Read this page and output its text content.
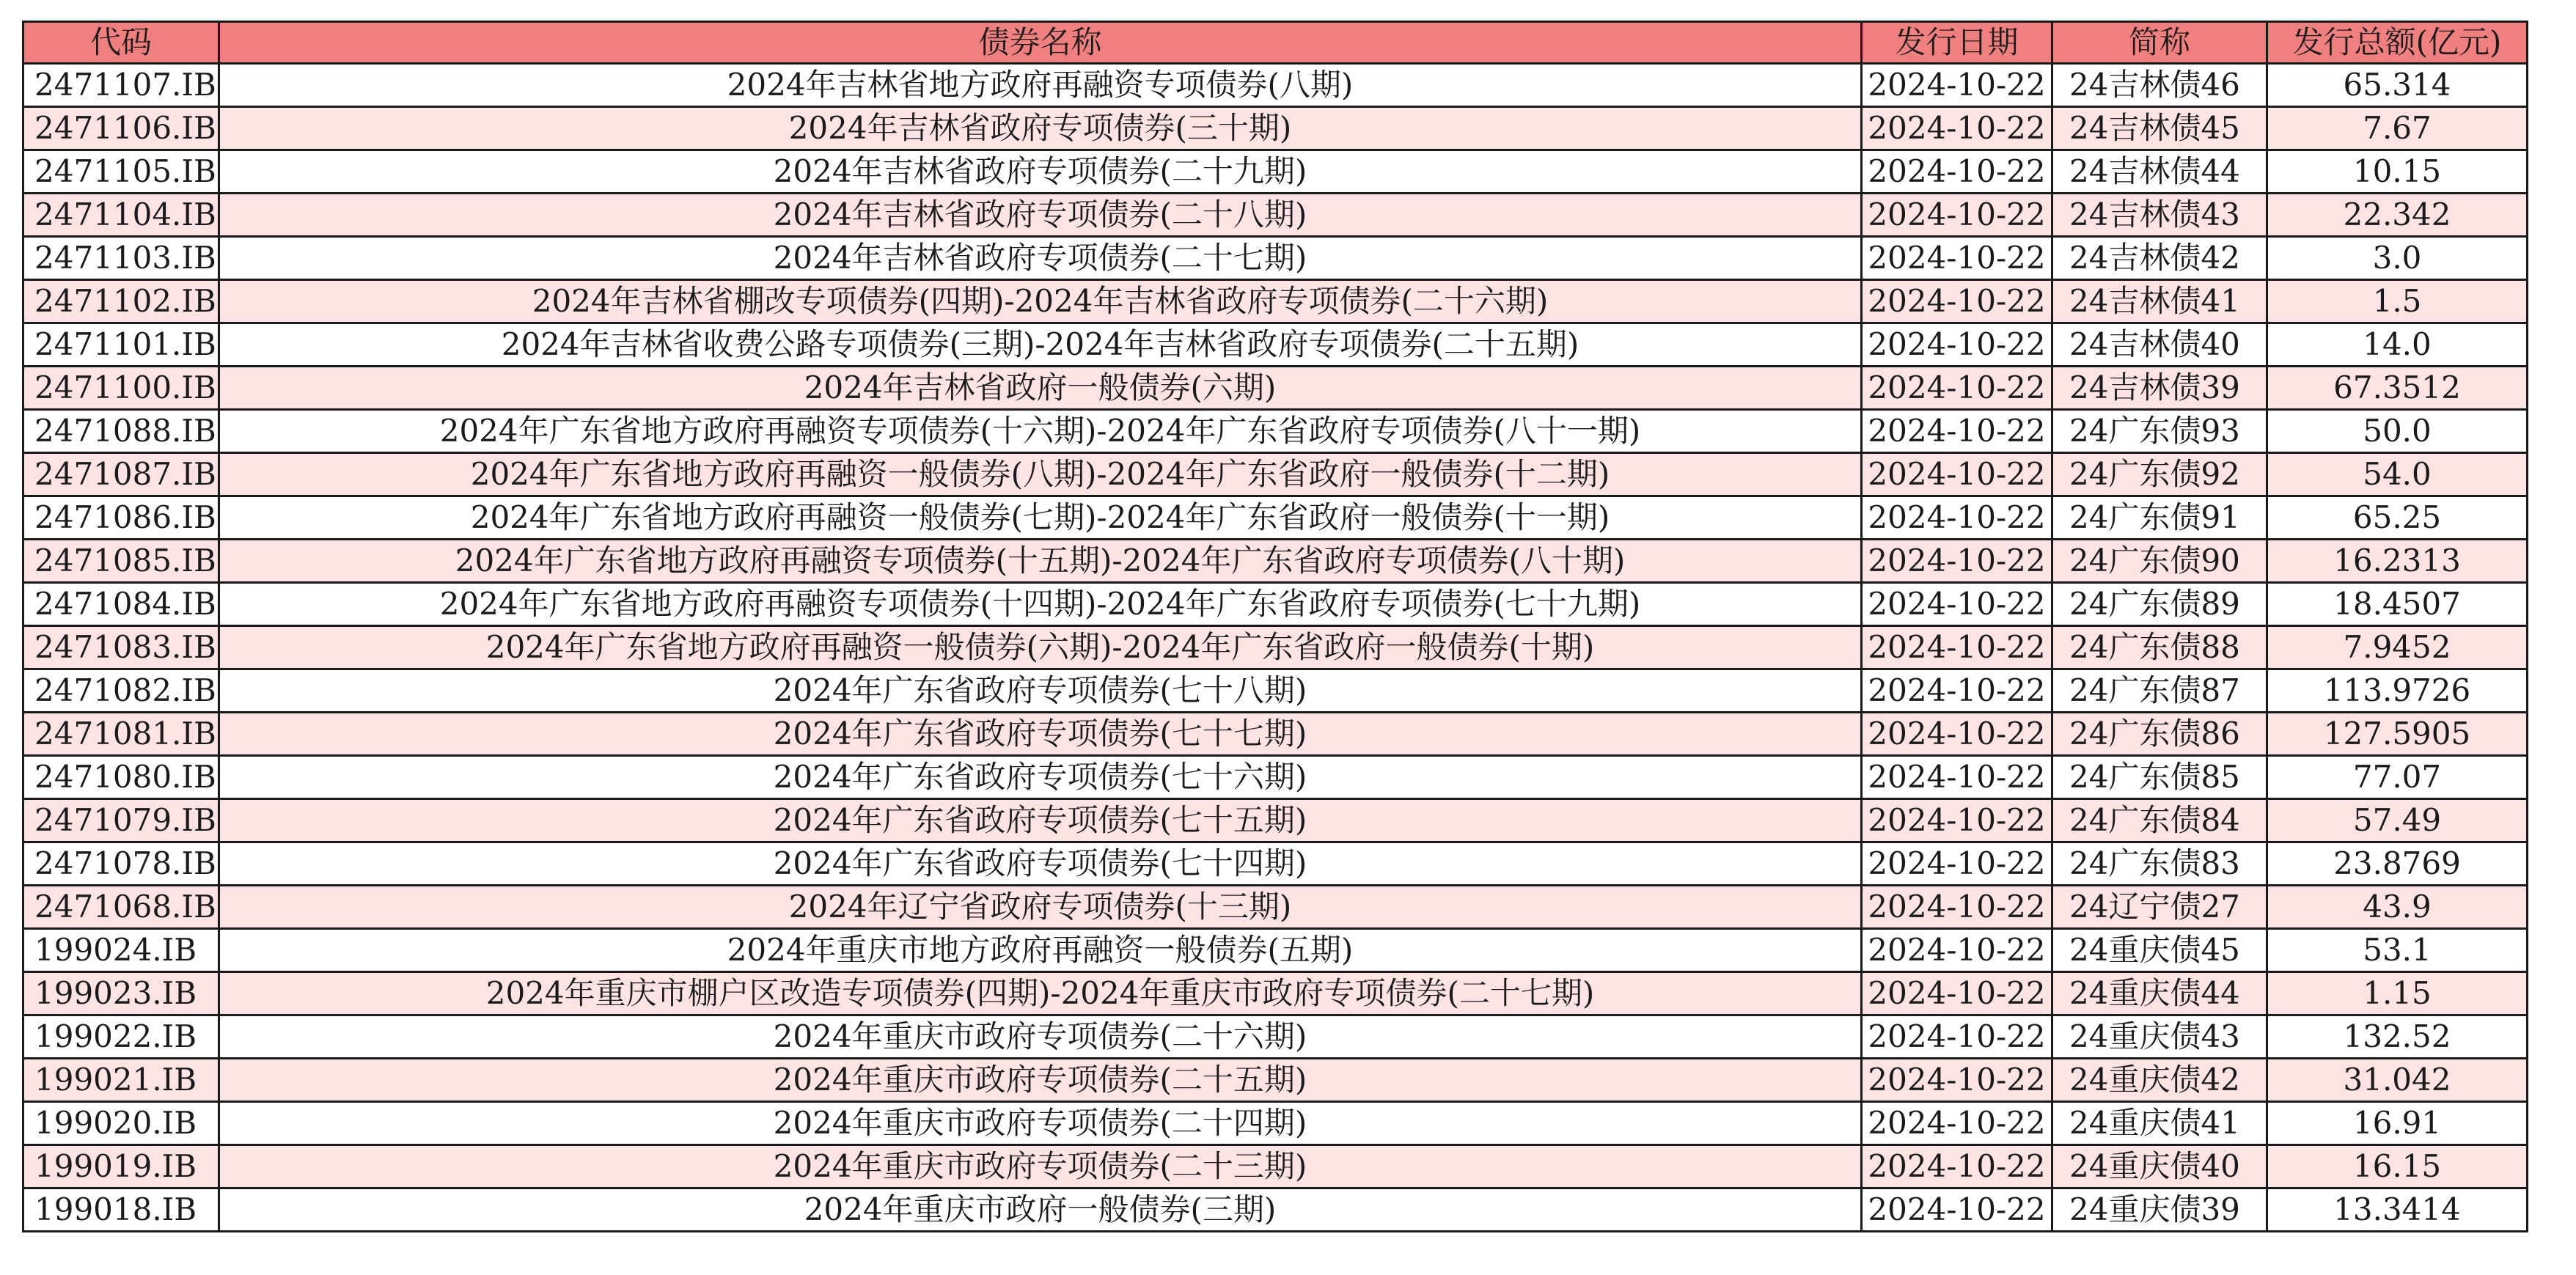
代码	债券名称	发行日期	简称	发行总额(亿元)
2471107.IB	2024年吉林省地方政府再融资专项债券(八期)	2024-10-22	24吉林债46	65.314
2471106.IB	2024年吉林省政府专项债券(三十期)	2024-10-22	24吉林债45	7.67
2471105.IB	2024年吉林省政府专项债券(二十九期)	2024-10-22	24吉林债44	10.15
2471104.IB	2024年吉林省政府专项债券(二十八期)	2024-10-22	24吉林债43	22.342
2471103.IB	2024年吉林省政府专项债券(二十七期)	2024-10-22	24吉林债42	3.0
2471102.IB	2024年吉林省棚改专项债券(四期)-2024年吉林省政府专项债券(二十六期)	2024-10-22	24吉林债41	1.5
2471101.IB	2024年吉林省收费公路专项债券(三期)-2024年吉林省政府专项债券(二十五期)	2024-10-22	24吉林债40	14.0
2471100.IB	2024年吉林省政府一般债券(六期)	2024-10-22	24吉林债39	67.3512
2471088.IB	2024年广东省地方政府再融资专项债券(十六期)-2024年广东省政府专项债券(八十一期)	2024-10-22	24广东债93	50.0
2471087.IB	2024年广东省地方政府再融资一般债券(八期)-2024年广东省政府一般债券(十二期)	2024-10-22	24广东债92	54.0
2471086.IB	2024年广东省地方政府再融资一般债券(七期)-2024年广东省政府一般债券(十一期)	2024-10-22	24广东债91	65.25
2471085.IB	2024年广东省地方政府再融资专项债券(十五期)-2024年广东省政府专项债券(八十期)	2024-10-22	24广东债90	16.2313
2471084.IB	2024年广东省地方政府再融资专项债券(十四期)-2024年广东省政府专项债券(七十九期)	2024-10-22	24广东债89	18.4507
2471083.IB	2024年广东省地方政府再融资一般债券(六期)-2024年广东省政府一般债券(十期)	2024-10-22	24广东债88	7.9452
2471082.IB	2024年广东省政府专项债券(七十八期)	2024-10-22	24广东债87	113.9726
2471081.IB	2024年广东省政府专项债券(七十七期)	2024-10-22	24广东债86	127.5905
2471080.IB	2024年广东省政府专项债券(七十六期)	2024-10-22	24广东债85	77.07
2471079.IB	2024年广东省政府专项债券(七十五期)	2024-10-22	24广东债84	57.49
2471078.IB	2024年广东省政府专项债券(七十四期)	2024-10-22	24广东债83	23.8769
2471068.IB	2024年辽宁省政府专项债券(十三期)	2024-10-22	24辽宁债27	43.9
199024.IB	2024年重庆市地方政府再融资一般债券(五期)	2024-10-22	24重庆债45	53.1
199023.IB	2024年重庆市棚户区改造专项债券(四期)-2024年重庆市政府专项债券(二十七期)	2024-10-22	24重庆债44	1.15
199022.IB	2024年重庆市政府专项债券(二十六期)	2024-10-22	24重庆债43	132.52
199021.IB	2024年重庆市政府专项债券(二十五期)	2024-10-22	24重庆债42	31.042
199020.IB	2024年重庆市政府专项债券(二十四期)	2024-10-22	24重庆债41	16.91
199019.IB	2024年重庆市政府专项债券(二十三期)	2024-10-22	24重庆债40	16.15
199018.IB	2024年重庆市政府一般债券(三期)	2024-10-22	24重庆债39	13.3414
